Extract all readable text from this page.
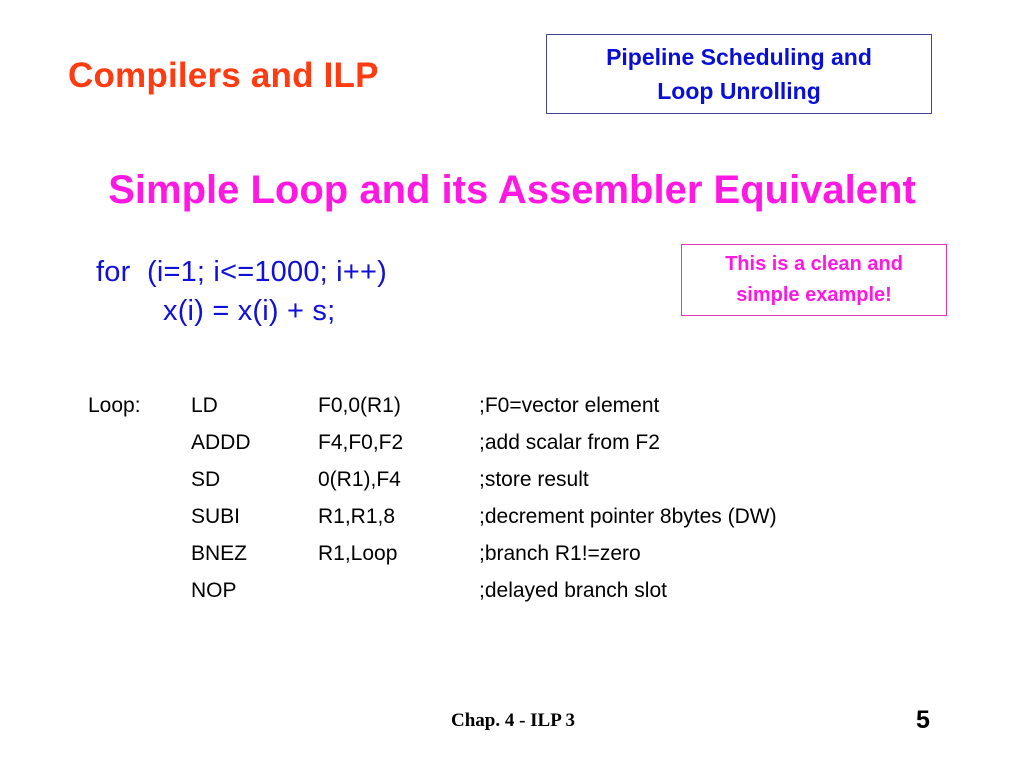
Compilers and ILP	Pipeline Scheduling and
Loop Unrolling
Simple Loop and its Assembler Equivalent
This is a clean and
simple example!
for  (i=1; i<=1000; i++)
x(i) = x(i) + s;
Loop: LD	F0,0(R1)	;F0=vector element
ADDD	F4,F0,F2	;add scalar from F2
SD	0(R1),F4	;store result
SUBI	R1,R1,8	;decrement pointer 8bytes (DW)
BNEZ	R1,Loop	;branch R1!=zero
NOP	;delayed branch slot
Chap. 4 - ILP 3	5
